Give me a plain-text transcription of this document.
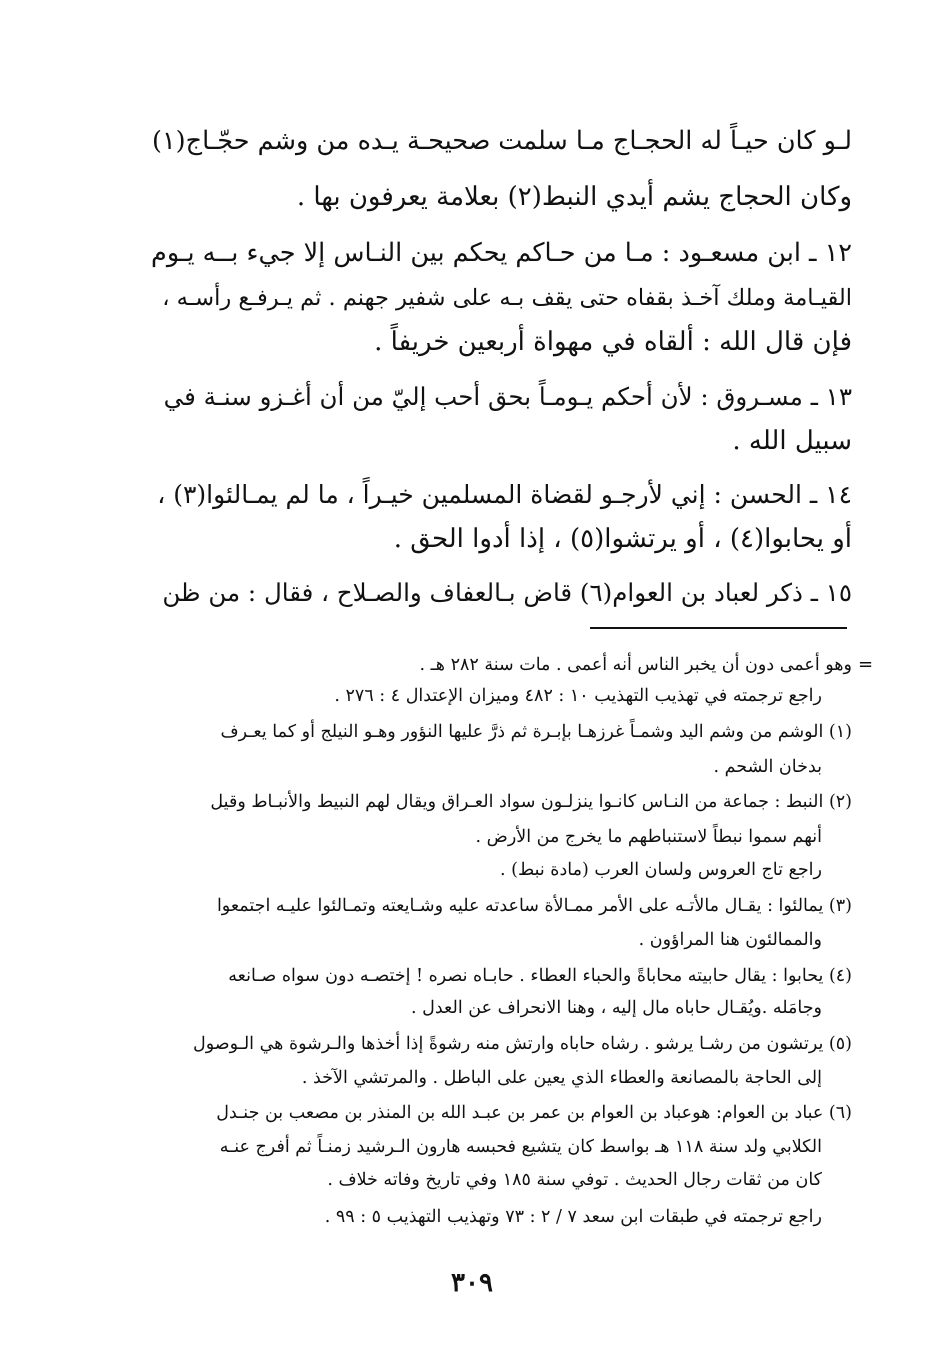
لـو كان حيـاً له الحجـاج مـا سلمت
صحيحـة يـده من وشم حجّـاج(١)
وكان الحجاج يشم أيدي النبط(٢) بعلامة يعرفون بها .
١٢ ـ ابن مسعـود : مـا من حـاكم يحكم بين النـاس إلا جيء بــه يـوم
القيـامة وملك آخـذ بقفاه حتى يقف بـه على شفير جهنم . ثم يـرفـع رأسـه ،
فإن قال الله : ألقاه في مهواة أربعين خريفاً .
١٣ ـ مسـروق : لأن أحكم يـومـاً بحق أحب إليّ من أن أغـزو سنـة في
سبيل الله .
١٤ ـ الحسن : إني لأرجـو لقضاة المسلمين خيـراً ، ما لم يمـالئوا(٣) ،
أو يحابوا(٤) ، أو يرتشوا(٥) ، إذا أدوا الحق .
١٥ ـ ذكر لعباد بن العوام(٦) قاض بـالعفاف والصـلاح ، فقال : من ظن
=
وهو أعمى دون أن يخبر الناس أنه أعمى . مات سنة ٢٨٢ هـ .
راجع ترجمته في تهذيب التهذيب ١٠ : ٤٨٢ وميزان الإعتدال ٤ : ٢٧٦ .
(١) الوشم من وشم اليد وشمـاً غرزهـا بإبـرة ثم ذرَّ عليها النؤور وهـو النيلج أو كما يعـرف
بدخان الشحم .
(٢) النبط : جماعة من النـاس كانـوا ينزلـون سواد العـراق ويقال لهم النبيط والأنبـاط وقيل
أنهم سموا نبطاً لاستنباطهم ما يخرج من الأرض .
راجع تاج العروس ولسان العرب (مادة نبط) .
(٣) يمالئوا : يقـال مالأتـه على الأمر ممـالأة ساعدته عليه وشـايعته وتمـالئوا عليـه اجتمعوا
والممالئون هنا المراؤون .
(٤) يحابوا : يقال حابيته محاباةً والحباء العطاء . حابـاه نصره ! إختصـه دون سواه صـانعه
وجامَله .ويُقـال حاباه مال إليه ، وهنا الانحراف عن العدل .
(٥) يرتشون من رشـا يرشو . رشاه حاباه وارتش منه رشوةً إذا أخذها والـرشوة هي الـوصول
إلى الحاجة بالمصانعة والعطاء الذي يعين على الباطل . والمرتشي الآخذ .
(٦) عباد بن العوام: هوعباد بن العوام بن عمر بن عبـد الله بن المنذر بن مصعب بن جنـدل
الكلابي ولد سنة ١١٨ هـ بواسط كان يتشيع فحبسه هارون الـرشيد زمنـاً ثم أفرج عنـه
كان من ثقات رجال الحديث . توفي سنة ١٨٥ وفي تاريخ وفاته خلاف .
راجع ترجمته في طبقات ابن سعد ٧ / ٢ : ٧٣ وتهذيب التهذيب ٥ : ٩٩ .
٣٠٩
